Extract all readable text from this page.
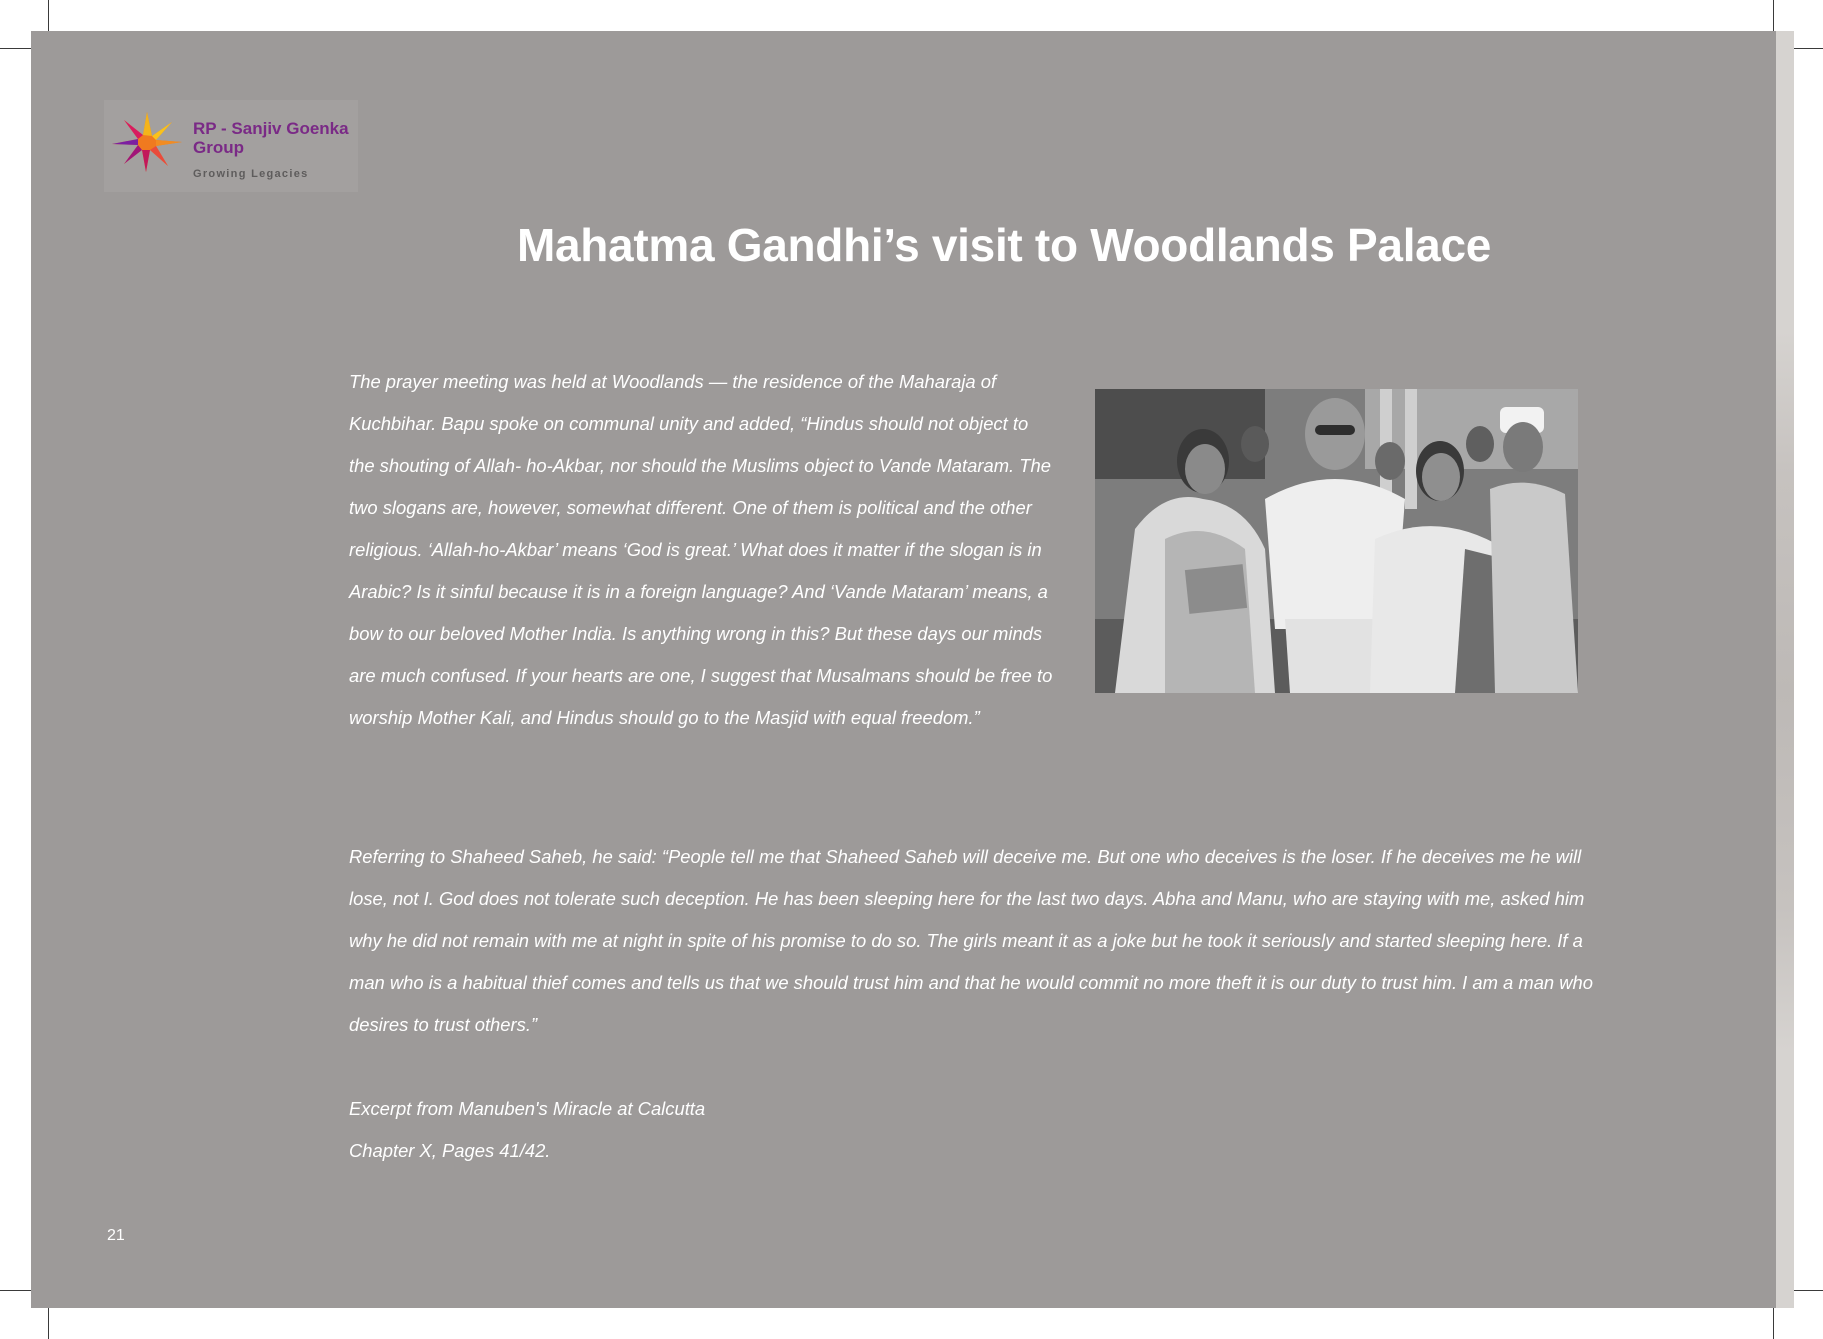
RP - Sanjiv Goenka
Group
Growing Legacies
Mahatma Gandhi’s visit to Woodlands Palace

The prayer meeting was held at Woodlands — the residence of the Maharaja of Kuchbihar. Bapu spoke on communal unity and added, “Hindus should not object to the shouting of Allah- ho-Akbar, nor should the Muslims object to Vande Mataram. The two slogans are, however, somewhat different. One of them is political and the other religious. ‘Allah-ho-Akbar’ means ‘God is great.’ What does it matter if the slogan is in Arabic? Is it sinful because it is in a foreign language? And ‘Vande Mataram’ means, a bow to our beloved Mother India. Is anything wrong in this? But these days our minds are much confused. If your hearts are one, I suggest that Musalmans should be free to worship Mother Kali, and Hindus should go to the Masjid with equal freedom.”

Referring to Shaheed Saheb, he said: “People tell me that Shaheed Saheb will deceive me. But one who deceives is the loser. If he deceives me he will lose, not I. God does not tolerate such deception. He has been sleeping here for the last two days. Abha and Manu, who are staying with me, asked him why he did not remain with me at night in spite of his promise to do so. The girls meant it as a joke but he took it seriously and started sleeping here. If a man who is a habitual thief comes and tells us that we should trust him and that he would commit no more theft it is our duty to trust him. I am a man who desires to trust others.”

Excerpt from Manuben's Miracle at Calcutta
Chapter X, Pages 41/42.
21
